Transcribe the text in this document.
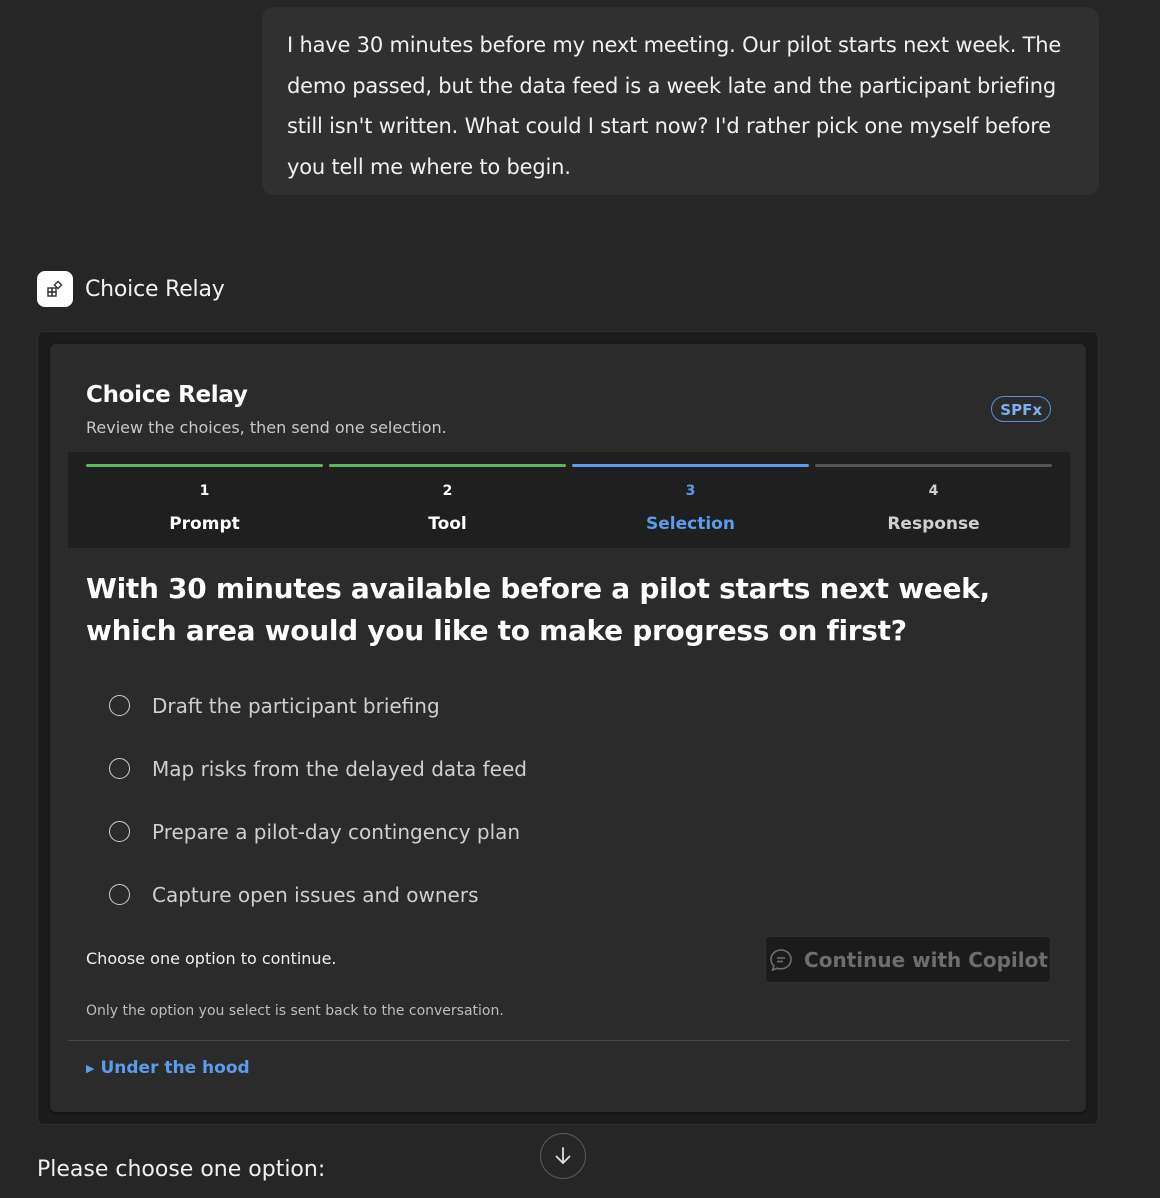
I have 30 minutes before my next meeting. Our pilot starts next week. The demo passed, but the data feed is a week late and the participant briefing still isn't written. What could I start now? I'd rather pick one myself before you tell me where to begin.
Choice Relay
Choice Relay
Review the choices, then send one selection.
SPFx
1
Prompt
2
Tool
3
Selection
4
Response
With 30 minutes available before a pilot starts next week, which area would you like to make progress on first?
Draft the participant briefing
Map risks from the delayed data feed
Prepare a pilot-day contingency plan
Capture open issues and owners
Choose one option to continue.	Continue with Copilot
Only the option you select is sent back to the conversation.
▶ Under the hood
Please choose one option:
